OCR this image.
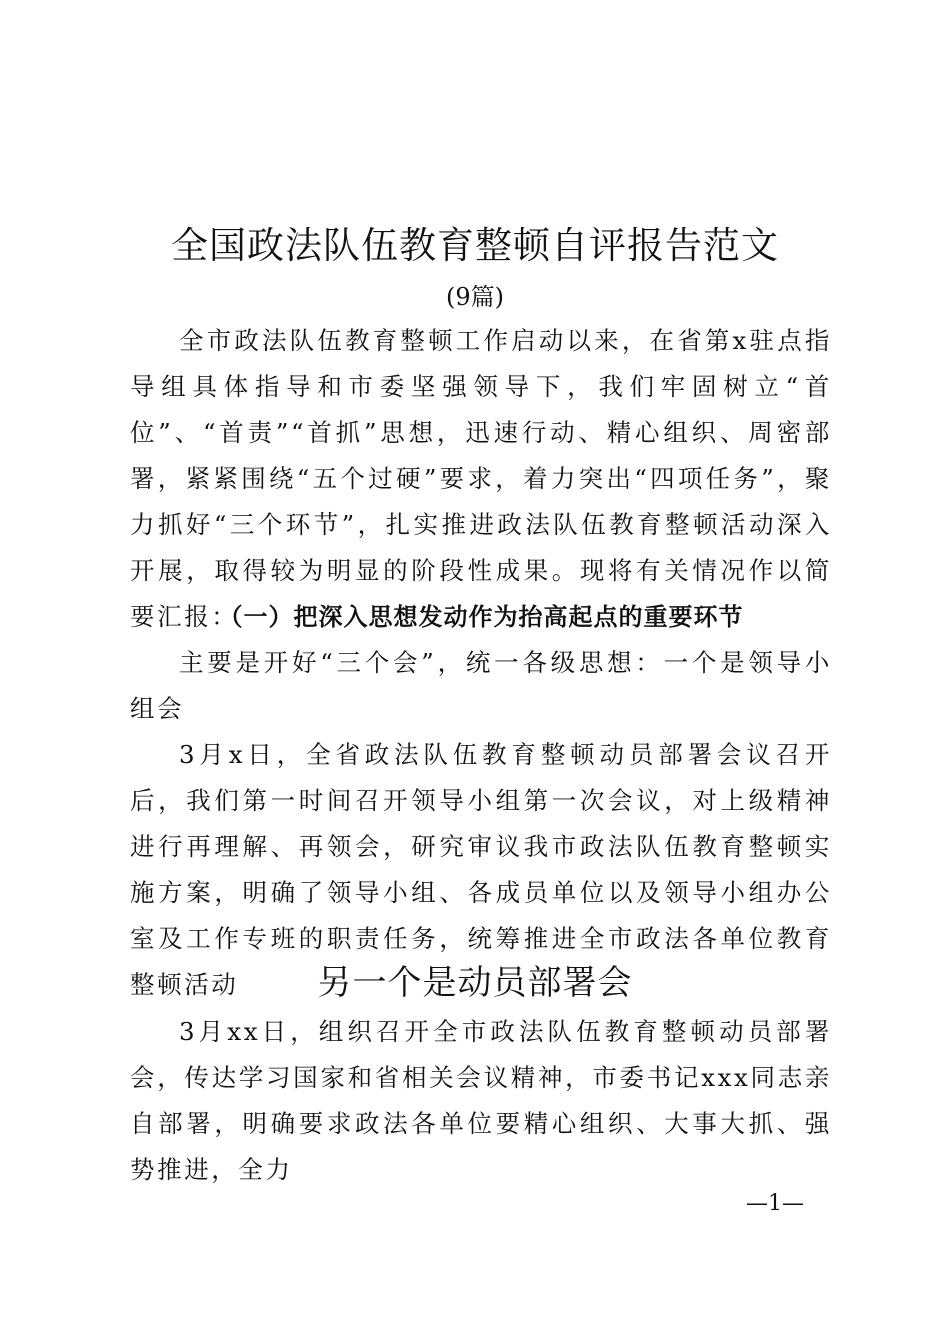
全国政法队伍教育整顿自评报告范文
(9篇)

全市政法队伍教育整顿工作启动以来，在省第x驻点指导组具体指导和市委坚强领导下，我们牢固树立“首位”、“首责”“首抓”思想，迅速行动、精心组织、周密部署，紧紧围绕“五个过硬”要求，着力突出“四项任务”，聚力抓好“三个环节”，扎实推进政法队伍教育整顿活动深入开展，取得较为明显的阶段性成果。现将有关情况作以简要汇报：

（一）把深入思想发动作为抬高起点的重要环节

主要是开好“三个会”，统一各级思想：一个是领导小组会

3月x日，全省政法队伍教育整顿动员部署会议召开后，我们第一时间召开领导小组第一次会议，对上级精神进行再理解、再领会，研究审议我市政法队伍教育整顿实施方案，明确了领导小组、各成员单位以及领导小组办公室及工作专班的职责任务，统筹推进全市政法各单位教育整顿活动	另一个是动员部署会

3月xx日，组织召开全市政法队伍教育整顿动员部署会，传达学习国家和省相关会议精神，市委书记xxx同志亲自部署，明确要求政法各单位要精心组织、大事大抓、强势推进，全力

—1—
